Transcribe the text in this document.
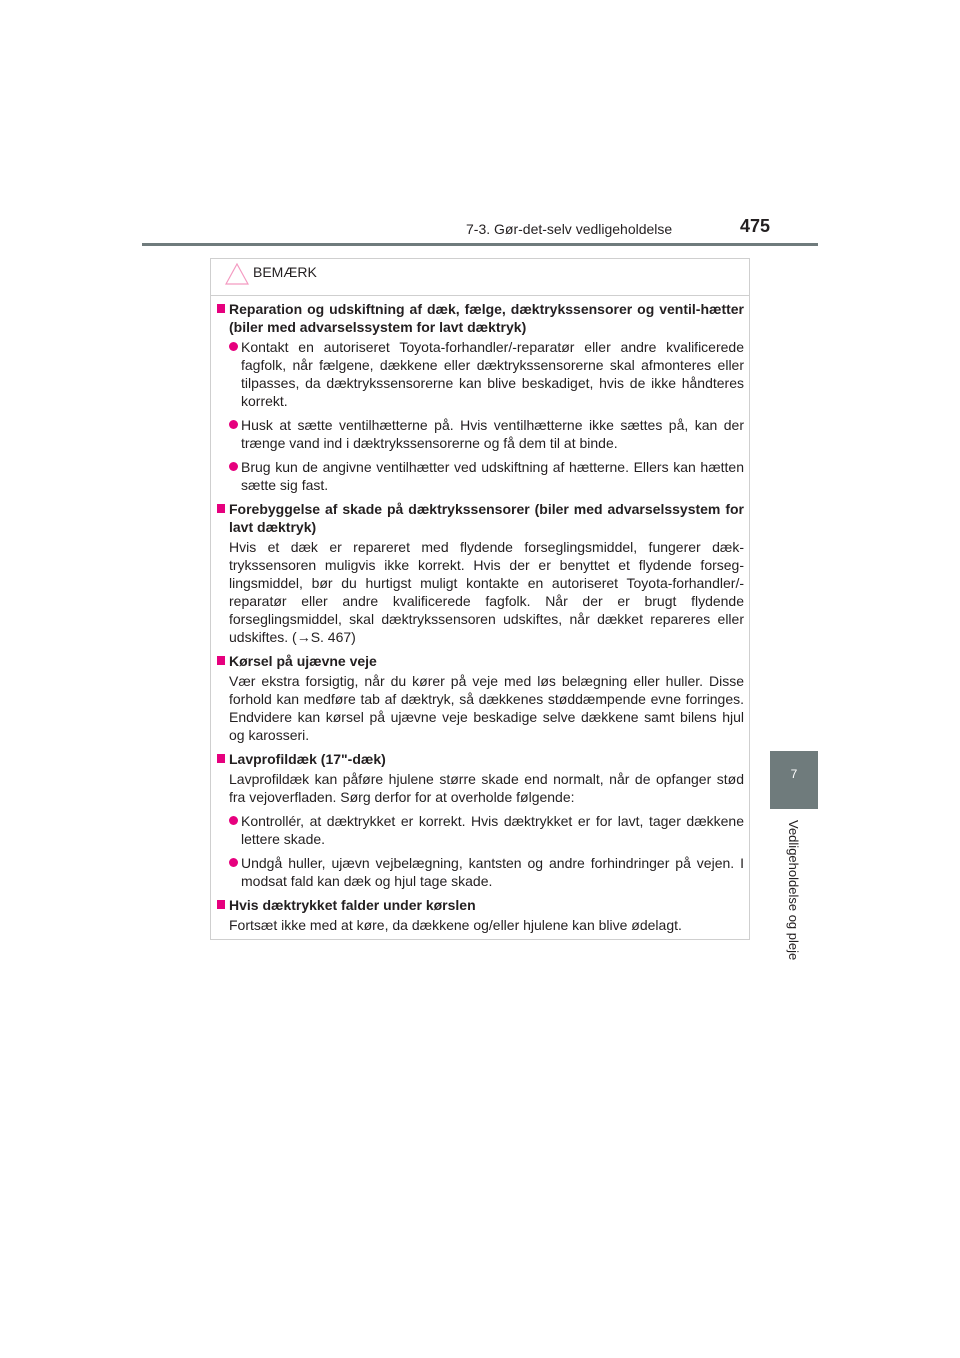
7-3. Gør-det-selv vedligeholdelse	475
7
Vedligeholdelse og pleje
BEMÆRK
Reparation og udskiftning af dæk, fælge, dæktrykssensorer og ventil-hætter (biler med advarselssystem for lavt dæktryk)
Kontakt en autoriseret Toyota-forhandler/-reparatør eller andre kvalificerede fagfolk, når fælgene, dækkene eller dæktrykssensorerne skal afmonteres eller tilpasses, da dæktrykssensorerne kan blive beskadiget, hvis de ikke håndteres korrekt.
Husk at sætte ventilhætterne på. Hvis ventilhætterne ikke sættes på, kan der trænge vand ind i dæktrykssensorerne og få dem til at binde.
Brug kun de angivne ventilhætter ved udskiftning af hætterne. Ellers kan hætten sætte sig fast.
Forebyggelse af skade på dæktrykssensorer (biler med advarselssystem for lavt dæktryk)
Hvis et dæk er repareret med flydende forseglingsmiddel, fungerer dæk-trykssensoren muligvis ikke korrekt. Hvis der er benyttet et flydende forseg-lingsmiddel, bør du hurtigst muligt kontakte en autoriseret Toyota-forhandler/-reparatør eller andre kvalificerede fagfolk. Når der er brugt flydende forseglingsmiddel, skal dæktrykssensoren udskiftes, når dækket repareres eller udskiftes. (→S. 467)
Kørsel på ujævne veje
Vær ekstra forsigtig, når du kører på veje med løs belægning eller huller. Disse forhold kan medføre tab af dæktryk, så dækkenes støddæmpende evne forringes. Endvidere kan kørsel på ujævne veje beskadige selve dækkene samt bilens hjul og karosseri.
Lavprofildæk (17"-dæk)
Lavprofildæk kan påføre hjulene større skade end normalt, når de opfanger stød fra vejoverfladen. Sørg derfor for at overholde følgende:
Kontrollér, at dæktrykket er korrekt. Hvis dæktrykket er for lavt, tager dækkene lettere skade.
Undgå huller, ujævn vejbelægning, kantsten og andre forhindringer på vejen. I modsat fald kan dæk og hjul tage skade.
Hvis dæktrykket falder under kørslen
Fortsæt ikke med at køre, da dækkene og/eller hjulene kan blive ødelagt.
